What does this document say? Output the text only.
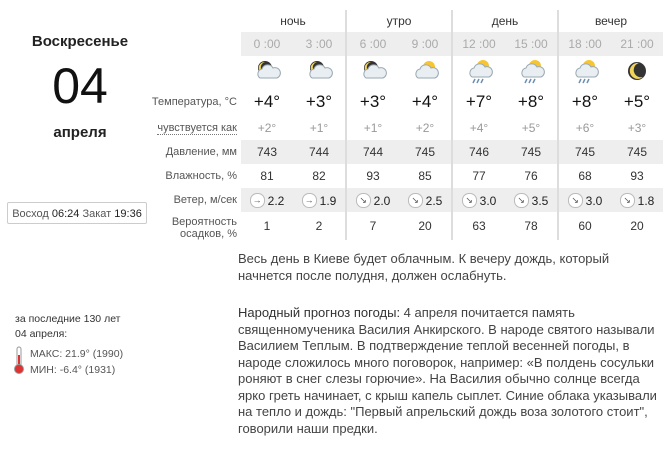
Воскресенье
04
апреля
Восход 06:24 Закат 19:36
	ночь		утро		день		вечер	
	0 :00	3 :00	6 :00	9 :00	12 :00	15 :00	18 :00	21 :00

Температура, °С	+4°	+3°	+3°	+4°	+7°	+8°	+8°	+5°
чувствуется как	+2°	+1°	+1°	+2°	+4°	+5°	+6°	+3°
Давление, мм	743	744	744	745	746	745	745	745
Влажность, %	81	82	93	85	77	76	68	93
Ветер, м/сек	→ 2.2	→ 1.9	↘ 2.0	↘ 2.5	↘ 3.0	↘ 3.5	↘ 3.0	↘ 1.8

Вероятность
осадков, %	1	2	7	20	63	78	60	20
Весь день в Киеве будет облачным. К вечеру дождь, который начнется после полудня, должен ослабнуть.
Народный прогноз погоды: 4 апреля почитается память священномученика Василия Анкирского. В народе святого называли Василием Теплым. В подтверждение теплой весенней погоды, в народе сложилось много поговорок, например: «В полдень сосульки роняют в снег слезы горючие». На Василия обычно солнце всегда ярко греть начинает, с крыш капель сыплет. Синие облака указывали на тепло и дождь: "Первый апрельский дождь воза золотого стоит", говорили наши предки.
за последние 130 лет
04 апреля:
МАКС: 21.9° (1990)
МИН: -6.4° (1931)
